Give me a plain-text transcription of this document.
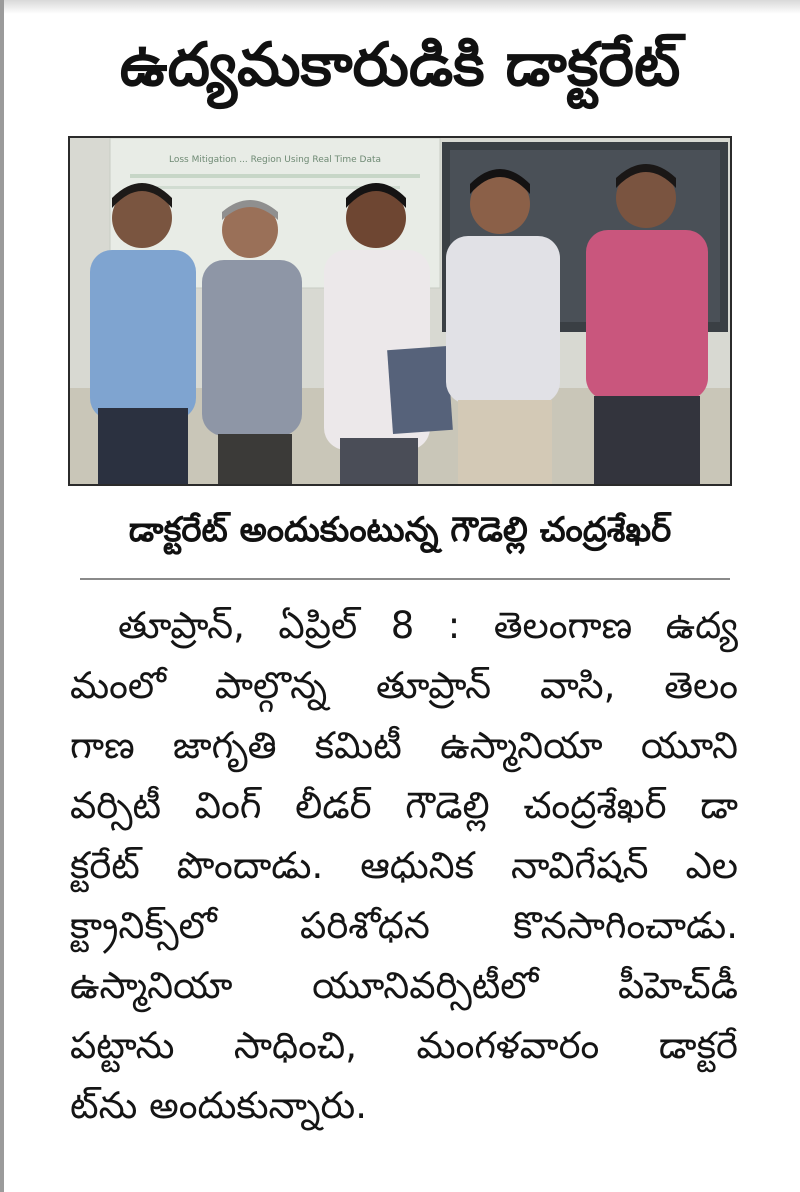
ఉద్యమకారుడికి డాక్టరేట్
Loss Mitigation ... Region Using Real Time Data
డాక్టరేట్ అందుకుంటున్న గౌడెల్లి చంద్రశేఖర్
తూప్రాన్, ఏప్రిల్ 8 : తెలంగాణ ఉద్య
మంలో పాల్గొన్న తూప్రాన్ వాసి, తెలం
గాణ జాగృతి కమిటీ ఉస్మానియా యూని
వర్సిటీ వింగ్ లీడర్ గౌడెల్లి చంద్రశేఖర్ డా
క్టరేట్ పొందాడు. ఆధునిక నావిగేషన్ ఎల
క్ట్రానిక్స్‌లో పరిశోధన కొనసాగించాడు.
ఉస్మానియా యూనివర్సిటీలో పీహెచ్‌డీ
పట్టాను సాధించి, మంగళవారం డాక్టరే
ట్‌ను అందుకున్నారు.
